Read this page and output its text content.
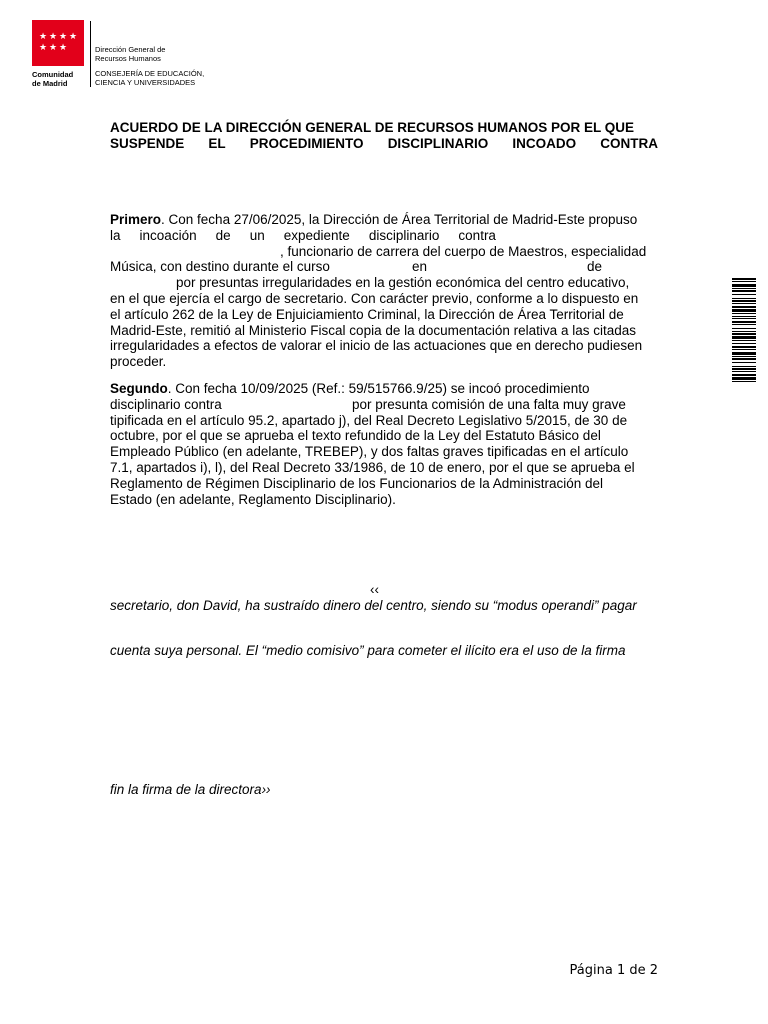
★ ★ ★ ★
★ ★ ★
Comunidad
de Madrid
Dirección General de
Recursos Humanos
CONSEJERÍA DE EDUCACIÓN,
CIENCIA Y UNIVERSIDADES
ACUERDO DE LA DIRECCIÓN GENERAL DE RECURSOS HUMANOS POR EL QUE
SUSPENDE EL PROCEDIMIENTO DISCIPLINARIO INCOADO CONTRA
Primero. Con fecha 27/06/2025, la Dirección de Área Territorial de Madrid-Este propuso
la incoación de un expediente disciplinario contra
, funcionario de carrera del cuerpo de Maestros, especialidad
Música, con destino durante el curso	en	de
por presuntas irregularidades en la gestión económica del centro educativo,
en el que ejercía el cargo de secretario. Con carácter previo, conforme a lo dispuesto en
el artículo 262 de la Ley de Enjuiciamiento Criminal, la Dirección de Área Territorial de
Madrid-Este, remitió al Ministerio Fiscal copia de la documentación relativa a las citadas
irregularidades a efectos de valorar el inicio de las actuaciones que en derecho pudiesen
proceder.
Segundo. Con fecha 10/09/2025 (Ref.: 59/515766.9/25) se incoó procedimiento
disciplinario contra	por presunta comisión de una falta muy grave
tipificada en el artículo 95.2, apartado j), del Real Decreto Legislativo 5/2015, de 30 de
octubre, por el que se aprueba el texto refundido de la Ley del Estatuto Básico del
Empleado Público (en adelante, TREBEP), y dos faltas graves tipificadas en el artículo
7.1, apartados i), l), del Real Decreto 33/1986, de 10 de enero, por el que se aprueba el
Reglamento de Régimen Disciplinario de los Funcionarios de la Administración del
Estado (en adelante, Reglamento Disciplinario).
‹‹
secretario, don David, ha sustraído dinero del centro, siendo su “modus operandi” pagar
cuenta suya personal. El “medio comisivo” para cometer el ilícito era el uso de la firma
fin la firma de la directora››
Página 1 de 2
